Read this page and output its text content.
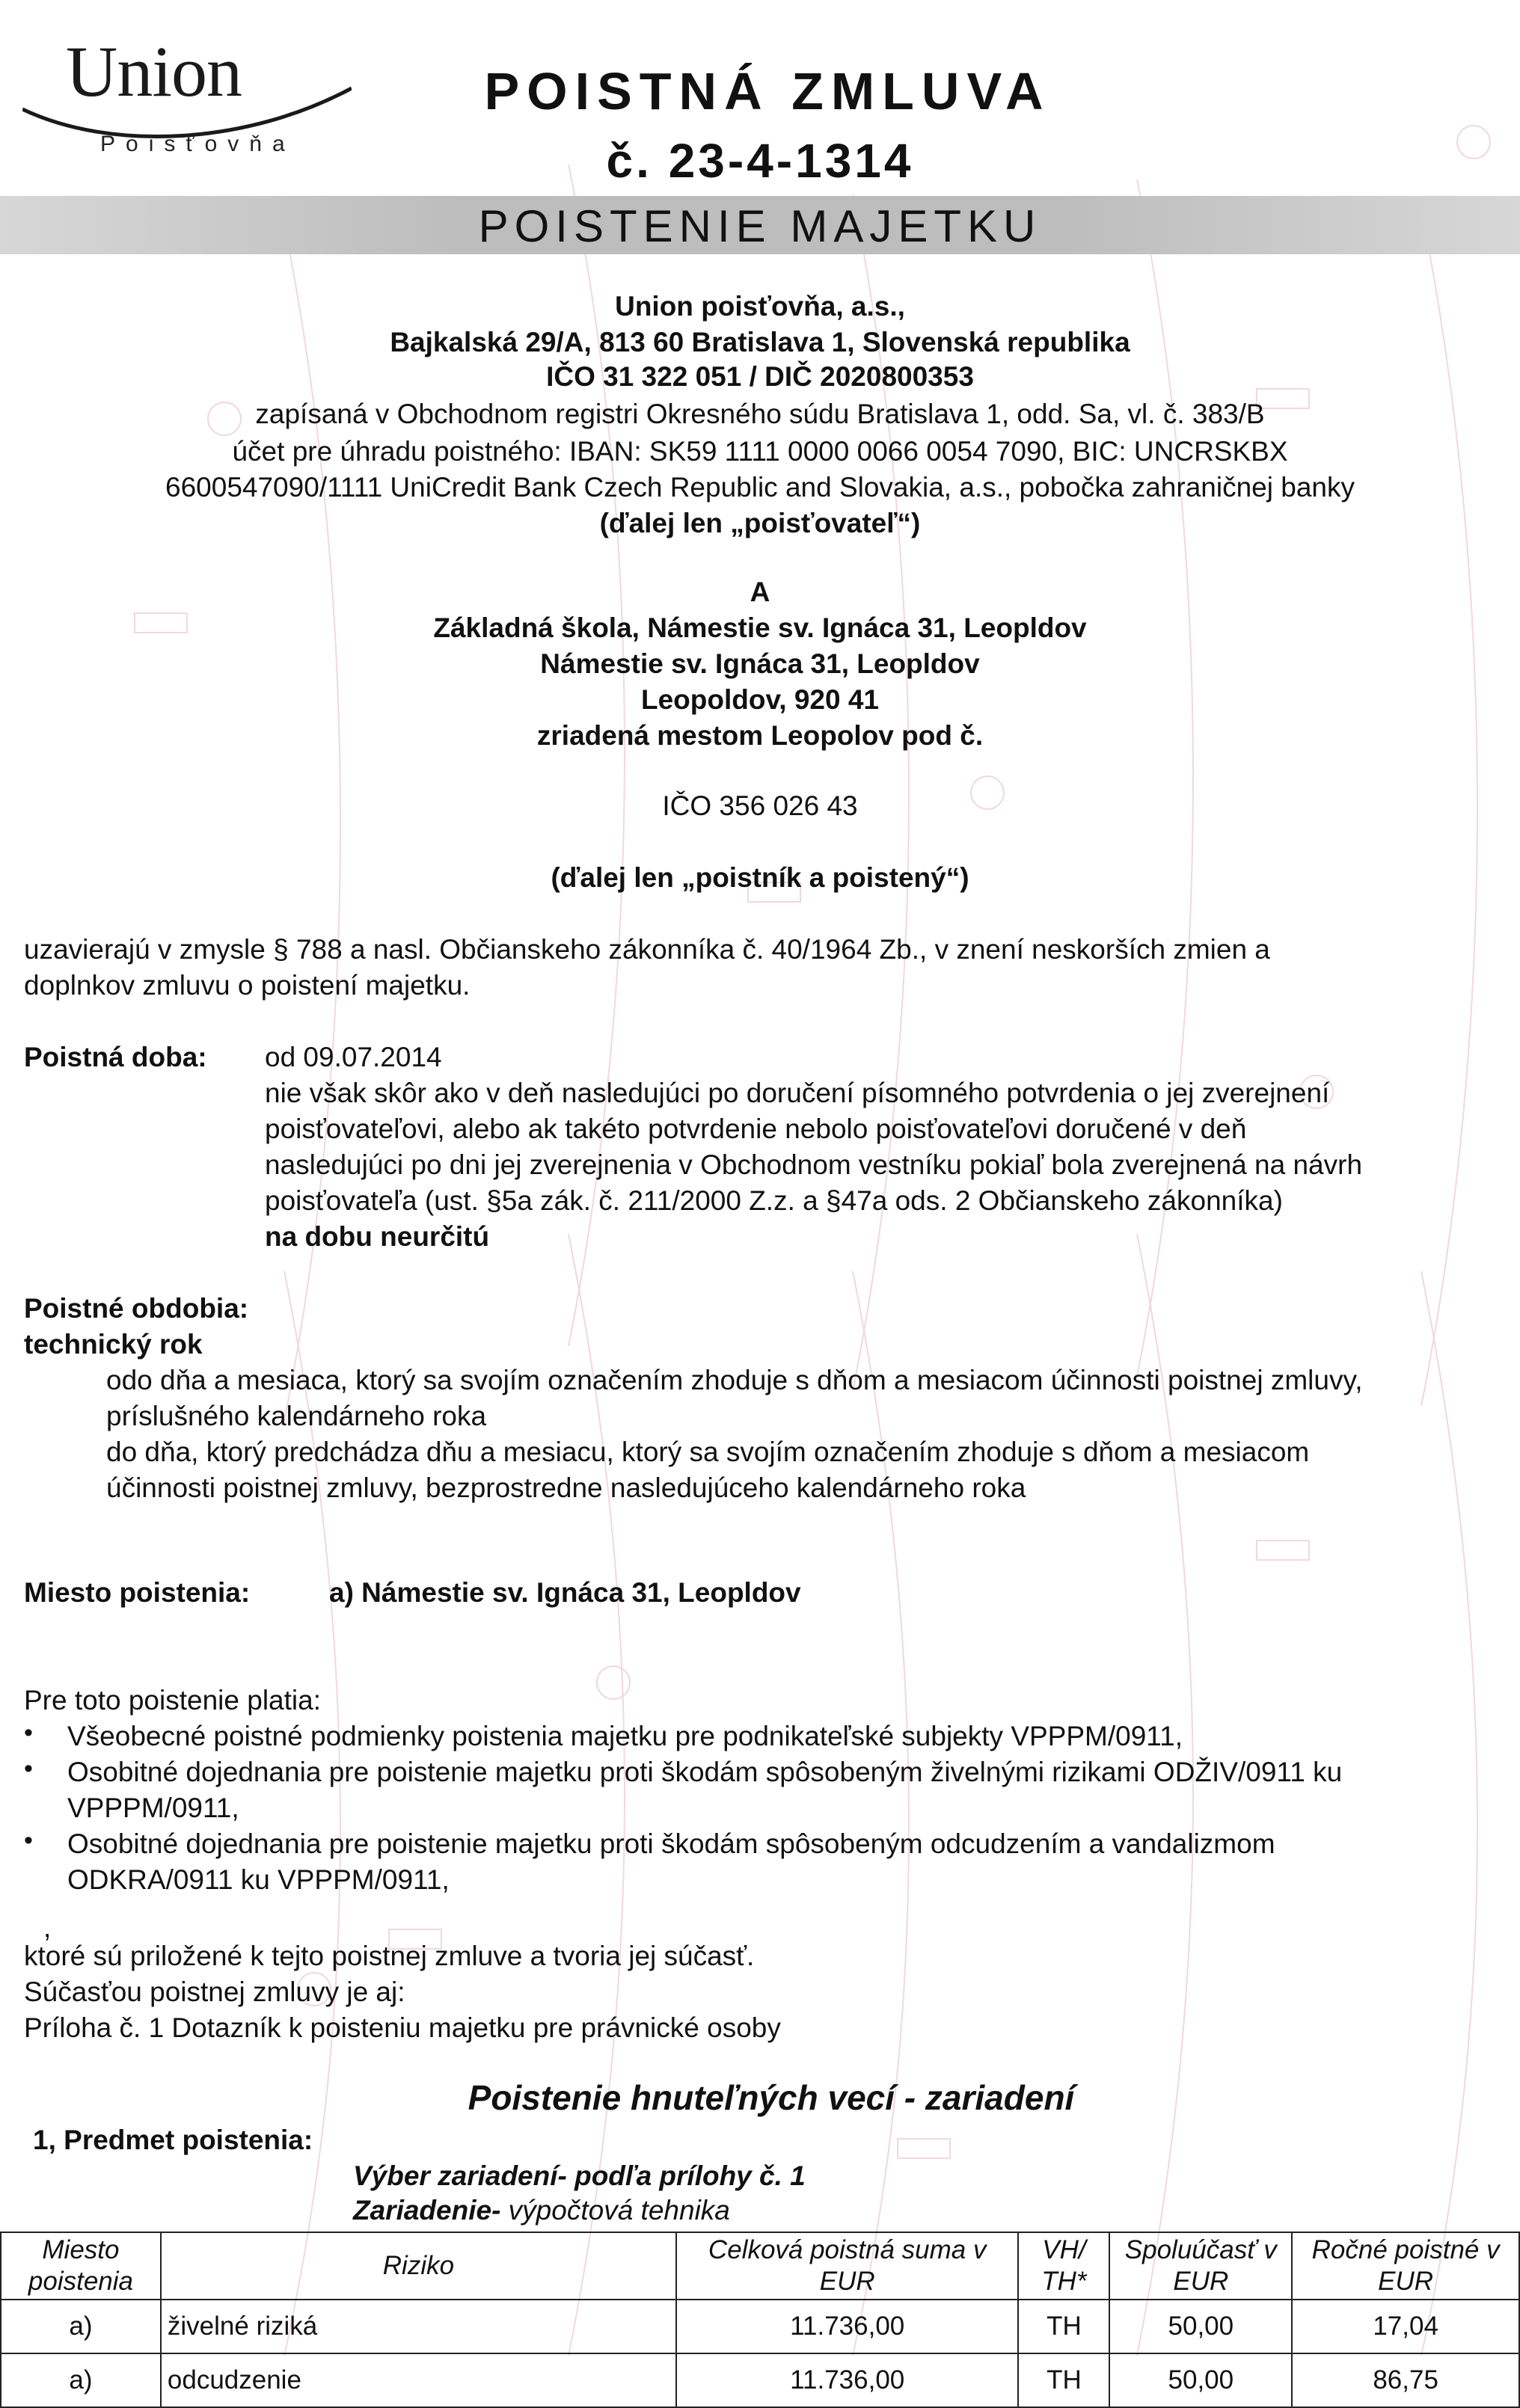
Union
Poisťovňa
POISTNÁ ZMLUVA
č. 23-4-1314
POISTENIE MAJETKU
Union poisťovňa, a.s.,
Bajkalská 29/A, 813 60 Bratislava 1, Slovenská republika
IČO 31 322 051 / DIČ 2020800353
zapísaná v Obchodnom registri Okresného súdu Bratislava 1, odd. Sa, vl. č. 383/B
účet pre úhradu poistného: IBAN: SK59 1111 0000 0066 0054 7090, BIC: UNCRSKBX
6600547090/1111 UniCredit Bank Czech Republic and Slovakia, a.s., pobočka zahraničnej banky
(ďalej len „poisťovateľ“)
A
Základná škola, Námestie sv. Ignáca 31, Leopldov
Námestie sv. Ignáca 31, Leopldov
Leopoldov, 920 41
zriadená mestom Leopolov pod č.
IČO 356 026 43
(ďalej len „poistník a poistený“)
uzavierajú v zmysle § 788 a nasl. Občianskeho zákonníka č. 40/1964 Zb., v znení neskorších zmien a
doplnkov zmluvu o poistení majetku.
Poistná doba: od 09.07.2014
nie však skôr ako v deň nasledujúci po doručení písomného potvrdenia o jej zverejnení
poisťovateľovi, alebo ak takéto potvrdenie nebolo poisťovateľovi doručené v deň
nasledujúci po dni jej zverejnenia v Obchodnom vestníku pokiaľ bola zverejnená na návrh
poisťovateľa (ust. §5a zák. č. 211/2000 Z.z. a §47a ods. 2 Občianskeho zákonníka)
na dobu neurčitú
Poistné obdobia:
technický rok
odo dňa a mesiaca, ktorý sa svojím označením zhoduje s dňom a mesiacom účinnosti poistnej zmluvy,
príslušného kalendárneho roka
do dňa, ktorý predchádza dňu a mesiacu, ktorý sa svojím označením zhoduje s dňom a mesiacom
účinnosti poistnej zmluvy, bezprostredne nasledujúceho kalendárneho roka
Miesto poistenia:	a) Námestie sv. Ignáca 31, Leopldov
Pre toto poistenie platia:
• Všeobecné poistné podmienky poistenia majetku pre podnikateľské subjekty VPPPM/0911,
• Osobitné dojednania pre poistenie majetku proti škodám spôsobeným živelnými rizikami ODŽIV/0911 ku
VPPPM/0911,
• Osobitné dojednania pre poistenie majetku proti škodám spôsobeným odcudzením a vandalizmom
ODKRA/0911 ku VPPPM/0911,
,
ktoré sú priložené k tejto poistnej zmluve a tvoria jej súčasť.
Súčasťou poistnej zmluvy je aj:
Príloha č. 1 Dotazník k poisteniu majetku pre právnické osoby
Poistenie hnuteľných vecí - zariadení
1, Predmet poistenia:
Výber zariadení- podľa prílohy č. 1
Zariadenie- výpočtová tehnika
Miesto poistenia	Riziko	Celková poistná suma v EUR	VH/ TH*	Spoluúčasť v EUR	Ročné poistné v EUR
a)	živelné riziká	11.736,00	TH	50,00	17,04
a)	odcudzenie	11.736,00	TH	50,00	86,75
